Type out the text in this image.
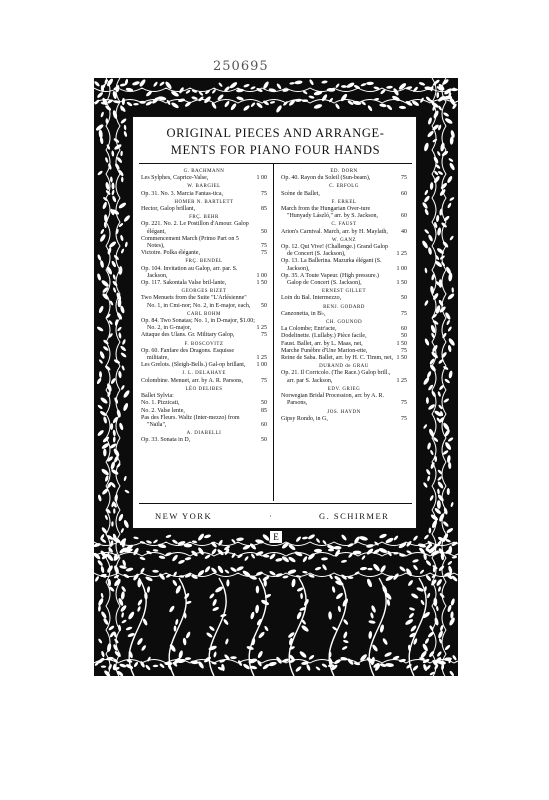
250695
E
ORIGINAL PIECES AND ARRANGE-
MENTS FOR PIANO FOUR HANDS
G. BACHMANN
Les Sylphes, Caprice-Valse,	1 00
W. BARGIEL
Op. 31. No. 3. Marcia Fantas-tica,	75
HOMER N. BARTLETT
Hector, Galop brillant,	85
FRÇ. BEHR
Op. 221. No. 2. Le Postillon d'Amour. Galop élégant,	50
Commencement March (Primo Part on 5 Notes),	75
Victoire. Polka élégante,	75
FRÇ. BENDEL
Op. 104. Invitation au Galop, arr. par. S. Jackson,	1 00
Op. 117. Sakontala Valse bril-lante,	1 50
GEORGES BIZET
Two Menuets from the Suite "L'Arlésienne" No. 1, in Cmi-nor; No. 2, in E-major, each, 50
CARL BOHM
Op. 84. Two Sonatas; No. 1, in D-major, $1.00; No. 2, in G-major,	1 25
Attaque des Ulans. Gr. Military Galop,	75
F. BOSCOVITZ
Op. 60. Fanfare des Dragons. Esquisse militaire,	1 25
Les Grelots. (Sleigh-Bells.) Gal-op brillant, 1 00
J. L. DELAHAYE
Colombine. Menuet, arr. by A. R. Parsons,	75
LÉO DELIBES
Ballet Sylvia:
No. 1. Pizzicati,	50
No. 2. Valse lente,	85
Pas des Fleurs. Waltz (Inter-mezzo) from "Naïla",	60
A. DIABELLI
Op. 33. Sonata in D,	50
ED. DORN
Op. 40. Rayon du Soleil (Sun-beam),	75
C. ERFOLG
Scène de Ballet,	60
F. ERKEL
March from the Hungarian Over-ture "Hunyady László," arr. by S. Jackson,	60
C. FAUST
Arion's Carnival. March, arr. by H. Maylath, 40
W. GANZ
Op. 12. Qui Vive! (Challenge.) Grand Galop de Concert (S. Jackson),	1 25
Op. 13. La Ballerina. Mazurka élégant (S. Jackson),	1 00
Op. 35. A Toute Vapeur. (High pressure.) Galop de Concert (S. Jackson),	1 50
ERNEST GILLET
Loin du Bal. Intermezzo,	50
BENJ. GODARD
Canzonetta, in B♭,	75
CH. GOUNOD
La Colombe; Entr'acte,	60
Dodelinette. (Lullaby.) Pièce facile,	50
Faust. Ballet, arr. by L. Maas, net,	1 50
Marche Funèbre d'Une Marion-ette,	75
Reine de Saba. Ballet, arr. by H. C. Timm, net, 1 50
DURAND de GRAU
Op. 21. Il Corricolo. (The Race.) Galop brill., arr. par S. Jackson,	1 25
EDV. GRIEG
Norwegian Bridal Procession, arr. by A. R. Parsons,	75
JOS. HAYDN
Gipsy Rondo, in G,	75
NEW YORK	·	G. SCHIRMER
